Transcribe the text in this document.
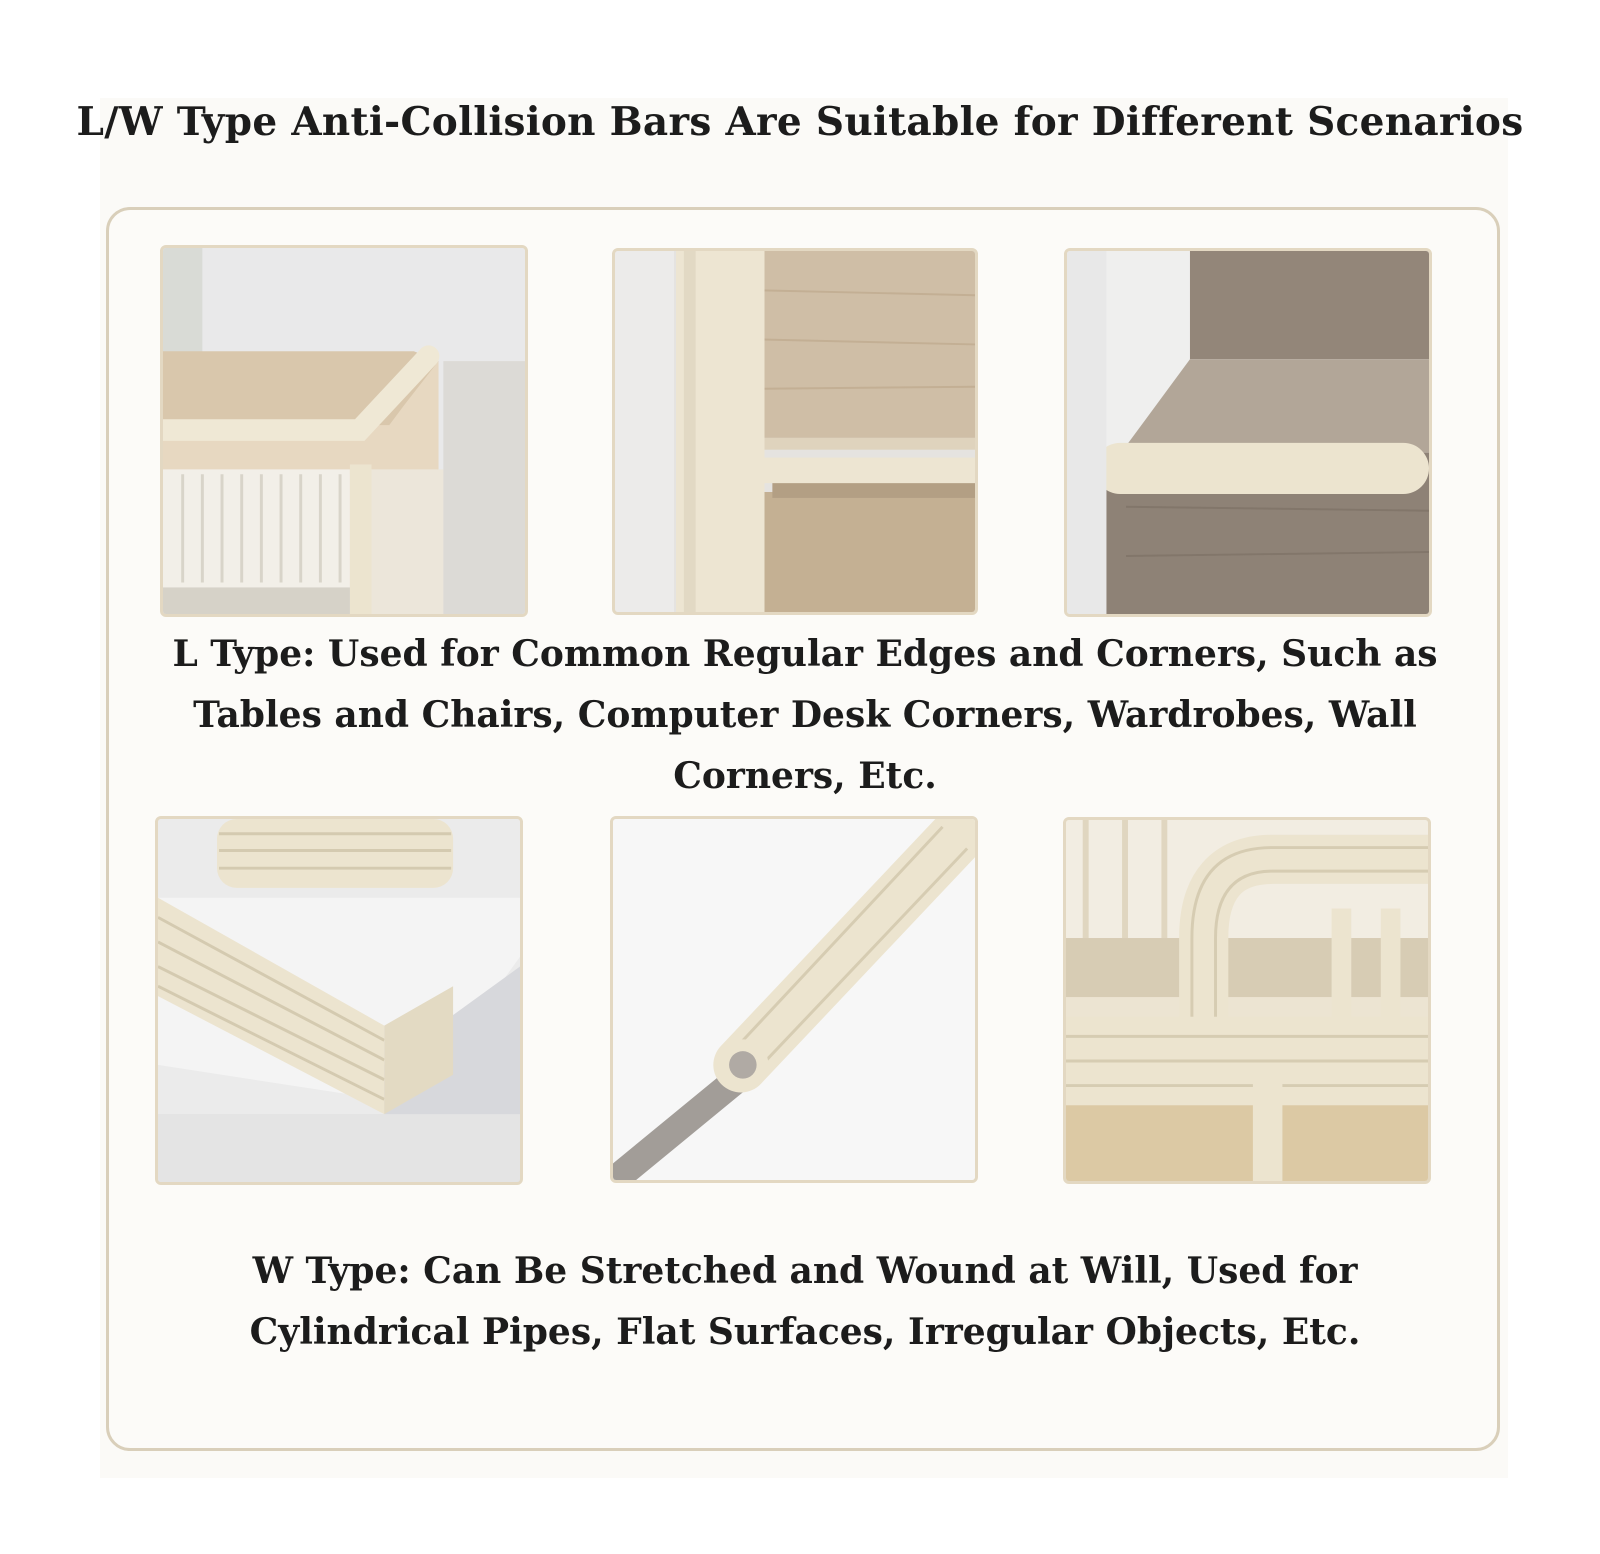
L/W Type Anti-Collision Bars Are Suitable for Different Scenarios

L Type: Used for Common Regular Edges and Corners, Such as

Tables and Chairs, Computer Desk Corners, Wardrobes, Wall

Corners, Etc.

W Type: Can Be Stretched and Wound at Will, Used for

Cylindrical Pipes, Flat Surfaces, Irregular Objects, Etc.
